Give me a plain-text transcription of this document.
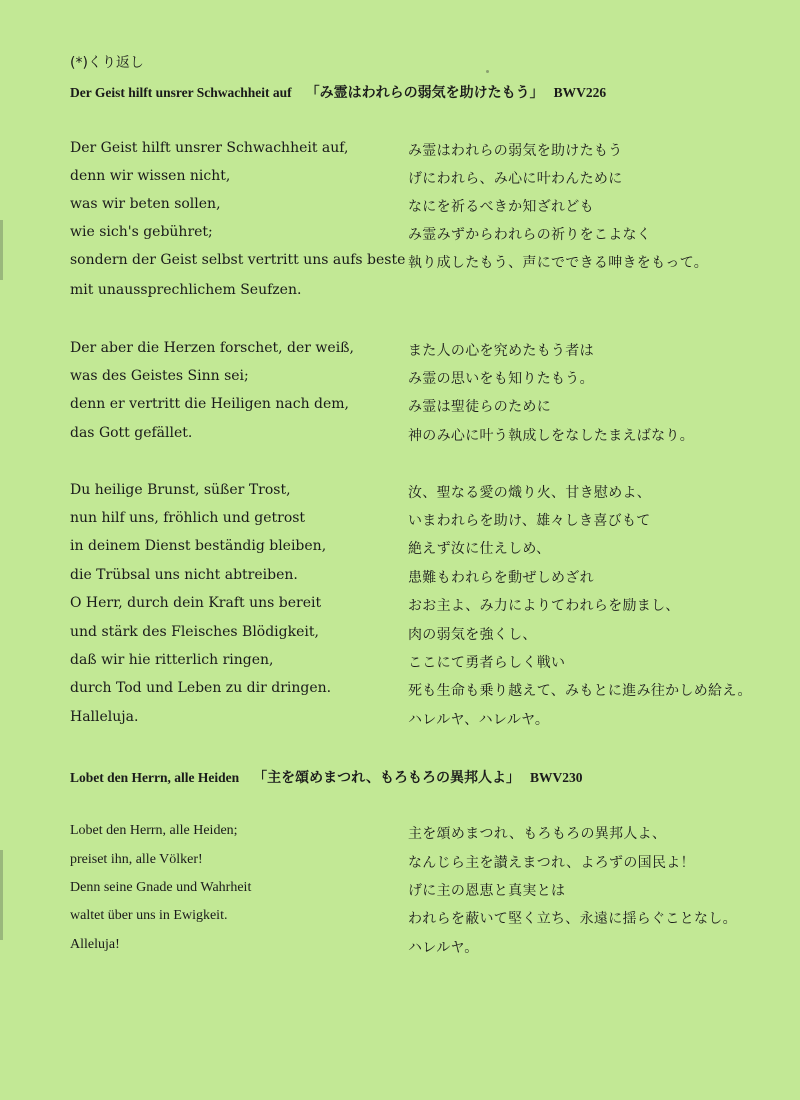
(*)くり返し
Der Geist hilft unsrer Schwachheit auf 「み霊はわれらの弱気を助けたもう」 BWV226
Der Geist hilft unsrer Schwachheit auf,
denn wir wissen nicht,
was wir beten sollen,
wie sich's gebühret;
sondern der Geist selbst vertritt uns aufs beste
mit unaussprechlichem Seufzen.
み霊はわれらの弱気を助けたもう
げにわれら、み心に叶わんために
なにを祈るべきか知ざれども
み霊みずからわれらの祈りをこよなく
執り成したもう、声にでできる呻きをもって。
Der aber die Herzen forschet, der weiß,
was des Geistes Sinn sei;
denn er vertritt die Heiligen nach dem,
das Gott gefället.
また人の心を究めたもう者は
み霊の思いをも知りたもう。
み霊は聖徒らのために
神のみ心に叶う執成しをなしたまえばなり。
Du heilige Brunst, süßer Trost,
nun hilf uns, fröhlich und getrost
in deinem Dienst beständig bleiben,
die Trübsal uns nicht abtreiben.
O Herr, durch dein Kraft uns bereit
und stärk des Fleisches Blödigkeit,
daß wir hie ritterlich ringen,
durch Tod und Leben zu dir dringen.
Halleluja.
汝、聖なる愛の熾り火、甘き慰めよ、
いまわれらを助け、雄々しき喜びもて
絶えず汝に仕えしめ、
患難もわれらを動ぜしめざれ
おお主よ、み力によりてわれらを励まし、
肉の弱気を強くし、
ここにて勇者らしく戦い
死も生命も乗り越えて、みもとに進み往かしめ給え。
ハレルヤ、ハレルヤ。
Lobet den Herrn, alle Heiden 「主を頌めまつれ、もろもろの異邦人よ」 BWV230
Lobet den Herrn, alle Heiden;
preiset ihn, alle Völker!
Denn seine Gnade und Wahrheit
waltet über uns in Ewigkeit.
Alleluja!
主を頌めまつれ、もろもろの異邦人よ、
なんじら主を讃えまつれ、よろずの国民よ！
げに主の恩恵と真実とは
われらを蔽いて堅く立ち、永遠に揺らぐことなし。
ハレルヤ。
